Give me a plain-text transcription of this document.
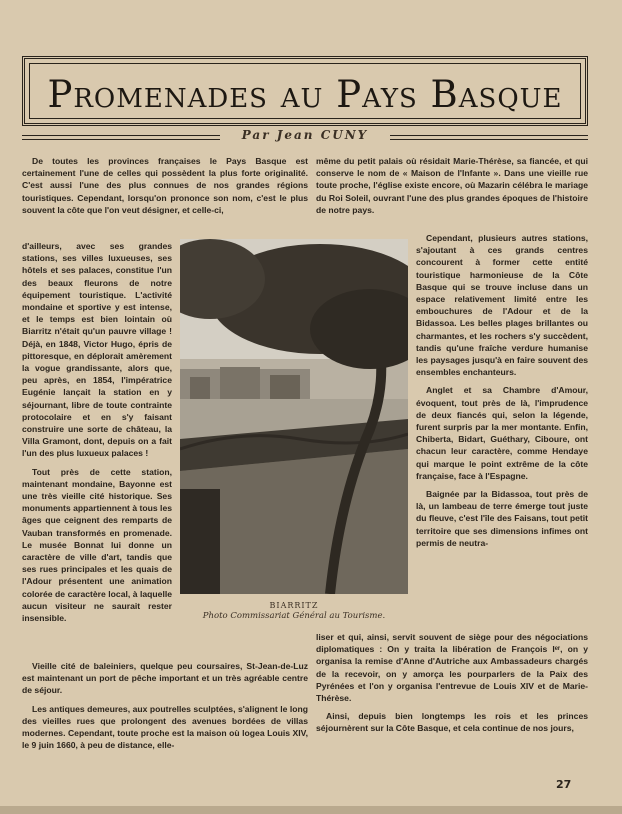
Promenades au Pays Basque
Par Jean CUNY

De toutes les provinces françaises le Pays Basque est certainement l'une de celles qui possèdent la plus forte originalité. C'est aussi l'une des plus connues de nos grandes régions touristiques. Cependant, lorsqu'on prononce son nom, c'est le plus souvent la côte que l'on veut désigner, et celle-ci,

d'ailleurs, avec ses grandes stations, ses villes luxueuses, ses hôtels et ses palaces, constitue l'un des beaux fleurons de notre équipement touristique. L'activité mondaine et sportive y est intense, et le temps est bien lointain où Biarritz n'était qu'un pauvre village ! Déjà, en 1848, Victor Hugo, épris de pittoresque, en déplorait amèrement la vogue grandissante, alors que, peu après, en 1854, l'impératrice Eugénie lançait la station en y séjournant, libre de toute contrainte protocolaire et en s'y faisant construire une sorte de château, la Villa Gramont, dont, depuis on a fait l'un des plus luxueux palaces !

Tout près de cette station, maintenant mondaine, Bayonne est une très vieille cité historique. Ses monuments appartiennent à tous les âges que ceignent des remparts de Vauban transformés en promenade. Le musée Bonnat lui donne un caractère de ville d'art, tandis que ses rues principales et les quais de l'Adour présentent une animation colorée de caractère local, à laquelle aucun visiteur ne saurait rester insensible.

Vieille cité de baleiniers, quelque peu coursaires, St-Jean-de-Luz est maintenant un port de pêche important et un très agréable centre de séjour.

Les antiques demeures, aux poutrelles sculptées, s'alignent le long des vieilles rues que prolongent des avenues bordées de villas modernes. Cependant, toute proche est la maison où logea Louis XIV, le 9 juin 1660, à peu de distance, elle-

même du petit palais où résidait Marie-Thérèse, sa fiancée, et qui conserve le nom de « Maison de l'Infante ». Dans une vieille rue toute proche, l'église existe encore, où Mazarin célébra le mariage du Roi Soleil, ouvrant l'une des plus grandes époques de l'histoire de notre pays.

Cependant, plusieurs autres stations, s'ajoutant à ces grands centres concourent à former cette entité touristique harmonieuse de la Côte Basque qui se trouve incluse dans un espace relativement limité entre les embouchures de l'Adour et de la Bidassoa. Les belles plages brillantes ou charmantes, et les rochers s'y succèdent, tandis qu'une fraîche verdure humanise les paysages jusqu'à en faire souvent des ensembles enchanteurs.

Anglet et sa Chambre d'Amour, évoquent, tout près de là, l'imprudence de deux fiancés qui, selon la légende, furent surpris par la mer montante. Enfin, Chiberta, Bidart, Guéthary, Ciboure, ont chacun leur caractère, comme Hendaye qui marque le point extrême de la côte française, face à l'Espagne.

Baignée par la Bidassoa, tout près de là, un lambeau de terre émerge tout juste du fleuve, c'est l'île des Faisans, tout petit territoire que ses dimensions infimes ont permis de neutra-

liser et qui, ainsi, servit souvent de siège pour des négociations diplomatiques : On y traita la libération de François Iᵉʳ, on y organisa la remise d'Anne d'Autriche aux Ambassadeurs chargés de la recevoir, on y amorça les pourparlers de la Paix des Pyrénées et l'on y organisa l'entrevue de Louis XIV et de Marie-Thérèse.

Ainsi, depuis bien longtemps les rois et les princes séjournèrent sur la Côte Basque, et cela continue de nos jours,

BIARRITZ
Photo Commissariat Général au Tourisme.
27
